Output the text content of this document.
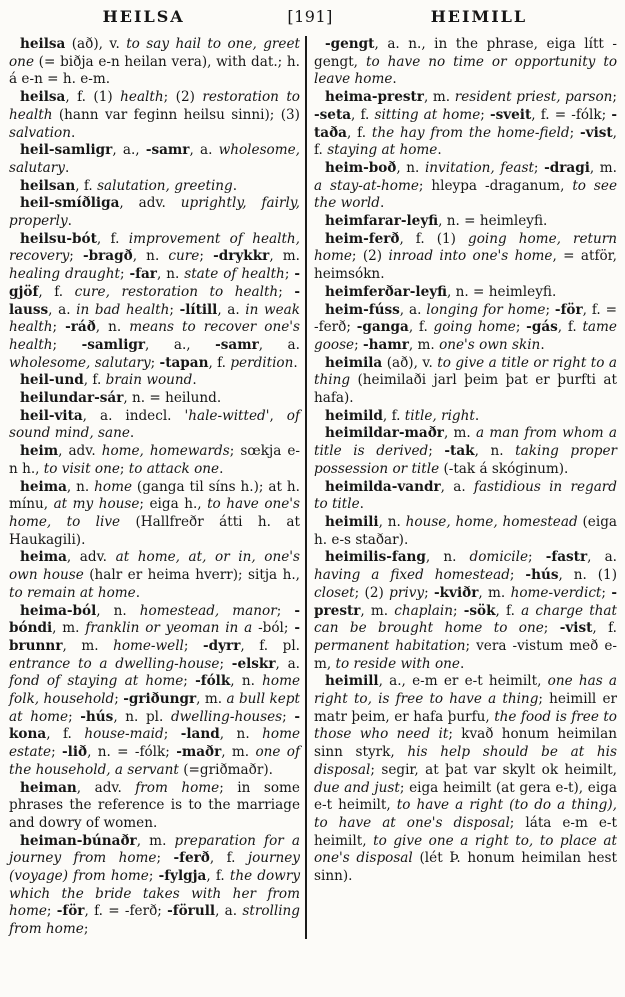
HEILSA	[191]	HEIMILL

heilsa (að), v. to say hail to one, greet one (= biðja e-n heilan vera), with dat.; h. á e-n = h. e-m.

heilsa, f. (1) health; (2) restoration to health (hann var feginn heilsu sinni); (3) salvation.

heil-samligr, a., -samr, a. wholesome, salutary.

heilsan, f. salutation, greeting.

heil-smíðliga, adv. uprightly, fairly, properly.

heilsu-bót, f. improvement of health, recovery; -bragð, n. cure; -drykkr, m. healing draught; -far, n. state of health; -gjöf, f. cure, restoration to health; -lauss, a. in bad health; -lítill, a. in weak health; -ráð, n. means to recover one's health; -samligr, a., -samr, a. wholesome, salutary; -tapan, f. perdition.

heil-und, f. brain wound.

heilundar-sár, n. = heilund.

heil-vita, a. indecl. 'hale-witted', of sound mind, sane.

heim, adv. home, homewards; sœkja e-n h., to visit one; to attack one.

heima, n. home (ganga til síns h.); at h. mínu, at my house; eiga h., to have one's home, to live (Hallfreðr átti h. at Haukagili).

heima, adv. at home, at, or in, one's own house (halr er heima hverr); sitja h., to remain at home.

heima-ból, n. homestead, manor; -bóndi, m. franklin or yeoman in a -ból; -brunnr, m. home-well; -dyrr, f. pl. entrance to a dwelling-house; -elskr, a. fond of staying at home; -fólk, n. home folk, household; -griðungr, m. a bull kept at home; -hús, n. pl. dwelling-houses; -kona, f. house-maid; -land, n. home estate; -lið, n. = -fólk; -maðr, m. one of the household, a servant (=griðmaðr).

heiman, adv. from home; in some phrases the reference is to the marriage and dowry of women.

heiman-búnaðr, m. preparation for a journey from home; -ferð, f. journey (voyage) from home; -fylgja, f. the dowry which the bride takes with her from home; -för, f. = -ferð; -förull, a. strolling from home;

-gengt, a. n., in the phrase, eiga lítt -gengt, to have no time or opportunity to leave home.

heima-prestr, m. resident priest, parson; -seta, f. sitting at home; -sveit, f. = -fólk; -taða, f. the hay from the home-field; -vist, f. staying at home.

heim-boð, n. invitation, feast; -dragi, m. a stay-at-home; hleypa -draganum, to see the world.

heimfarar-leyfi, n. = heimleyfi.

heim-ferð, f. (1) going home, return home; (2) inroad into one's home, = atför, heimsókn.

heimferðar-leyfi, n. = heimleyfi.

heim-fúss, a. longing for home; -för, f. = -ferð; -ganga, f. going home; -gás, f. tame goose; -hamr, m. one's own skin.

heimila (að), v. to give a title or right to a thing (heimilaði jarl þeim þat er þurfti at hafa).

heimild, f. title, right.

heimildar-maðr, m. a man from whom a title is derived; -tak, n. taking proper possession or title (-tak á skóginum).

heimilda-vandr, a. fastidious in regard to title.

heimili, n. house, home, homestead (eiga h. e-s staðar).

heimilis-fang, n. domicile; -fastr, a. having a fixed homestead; -hús, n. (1) closet; (2) privy; -kviðr, m. home-verdict; -prestr, m. chaplain; -sök, f. a charge that can be brought home to one; -vist, f. permanent habitation; vera -vistum með e-m, to reside with one.

heimill, a., e-m er e-t heimilt, one has a right to, is free to have a thing; heimill er matr þeim, er hafa þurfu, the food is free to those who need it; kvað honum heimilan sinn styrk, his help should be at his disposal; segir, at þat var skylt ok heimilt, due and just; eiga heimilt (at gera e-t), eiga e-t heimilt, to have a right (to do a thing), to have at one's disposal; láta e-m e-t heimilt, to give one a right to, to place at one's disposal (lét Þ. honum heimilan hest sinn).
